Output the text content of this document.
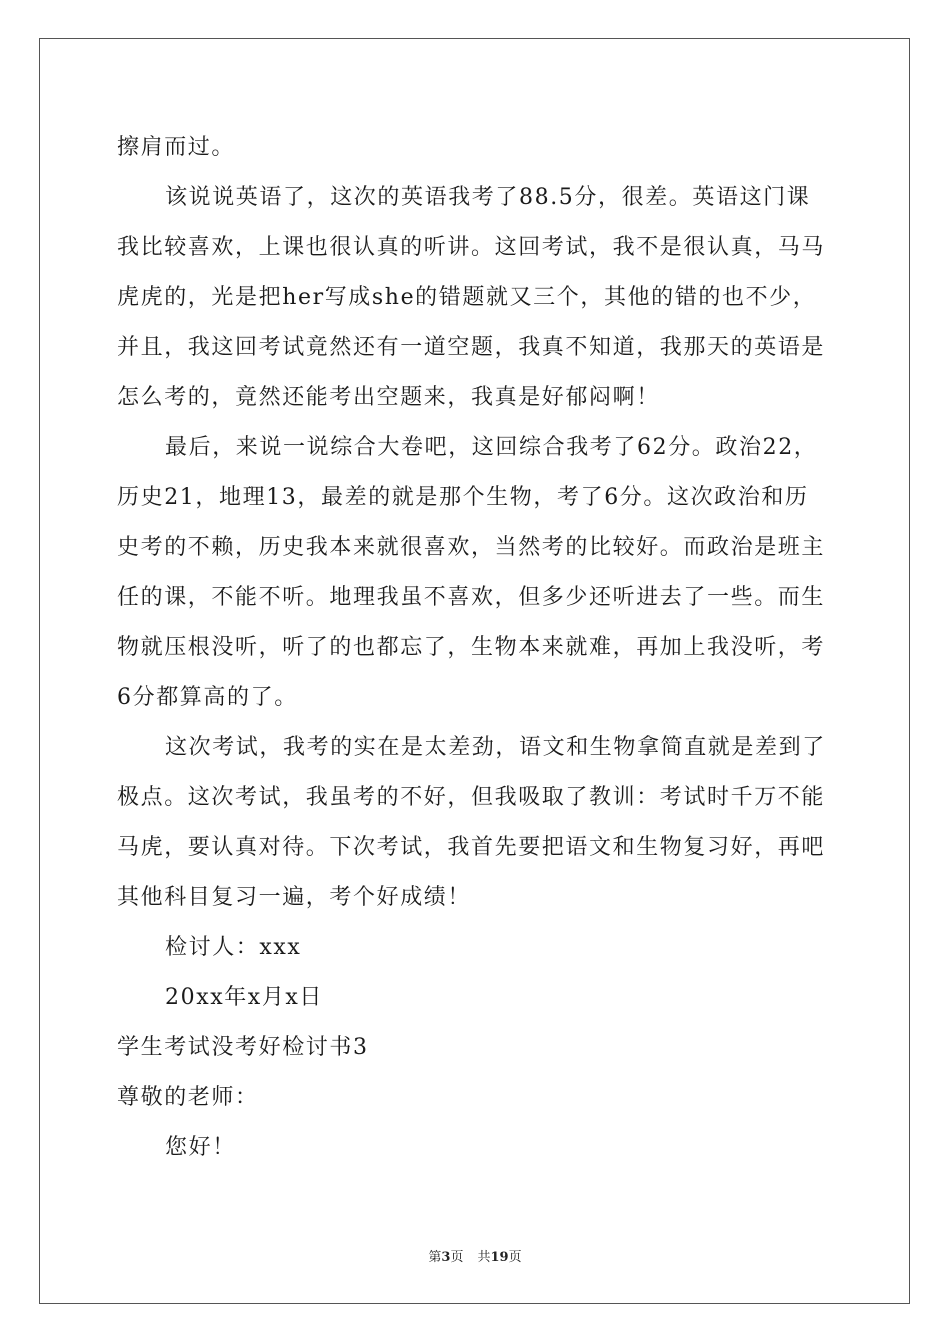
擦肩而过。
该说说英语了，这次的英语我考了88.5分，很差。英语这门课
我比较喜欢，上课也很认真的听讲。这回考试，我不是很认真，马马
虎虎的，光是把her写成she的错题就又三个，其他的错的也不少，
并且，我这回考试竟然还有一道空题，我真不知道，我那天的英语是
怎么考的，竟然还能考出空题来，我真是好郁闷啊！
最后，来说一说综合大卷吧，这回综合我考了62分。政治22，
历史21，地理13，最差的就是那个生物，考了6分。这次政治和历
史考的不赖，历史我本来就很喜欢，当然考的比较好。而政治是班主
任的课，不能不听。地理我虽不喜欢，但多少还听进去了一些。而生
物就压根没听，听了的也都忘了，生物本来就难，再加上我没听，考
6分都算高的了。
这次考试，我考的实在是太差劲，语文和生物拿简直就是差到了
极点。这次考试，我虽考的不好，但我吸取了教训：考试时千万不能
马虎，要认真对待。下次考试，我首先要把语文和生物复习好，再吧
其他科目复习一遍，考个好成绩！
检讨人：xxx
20xx年x月x日
学生考试没考好检讨书3
尊敬的老师：
您好！
第3页 共19页
